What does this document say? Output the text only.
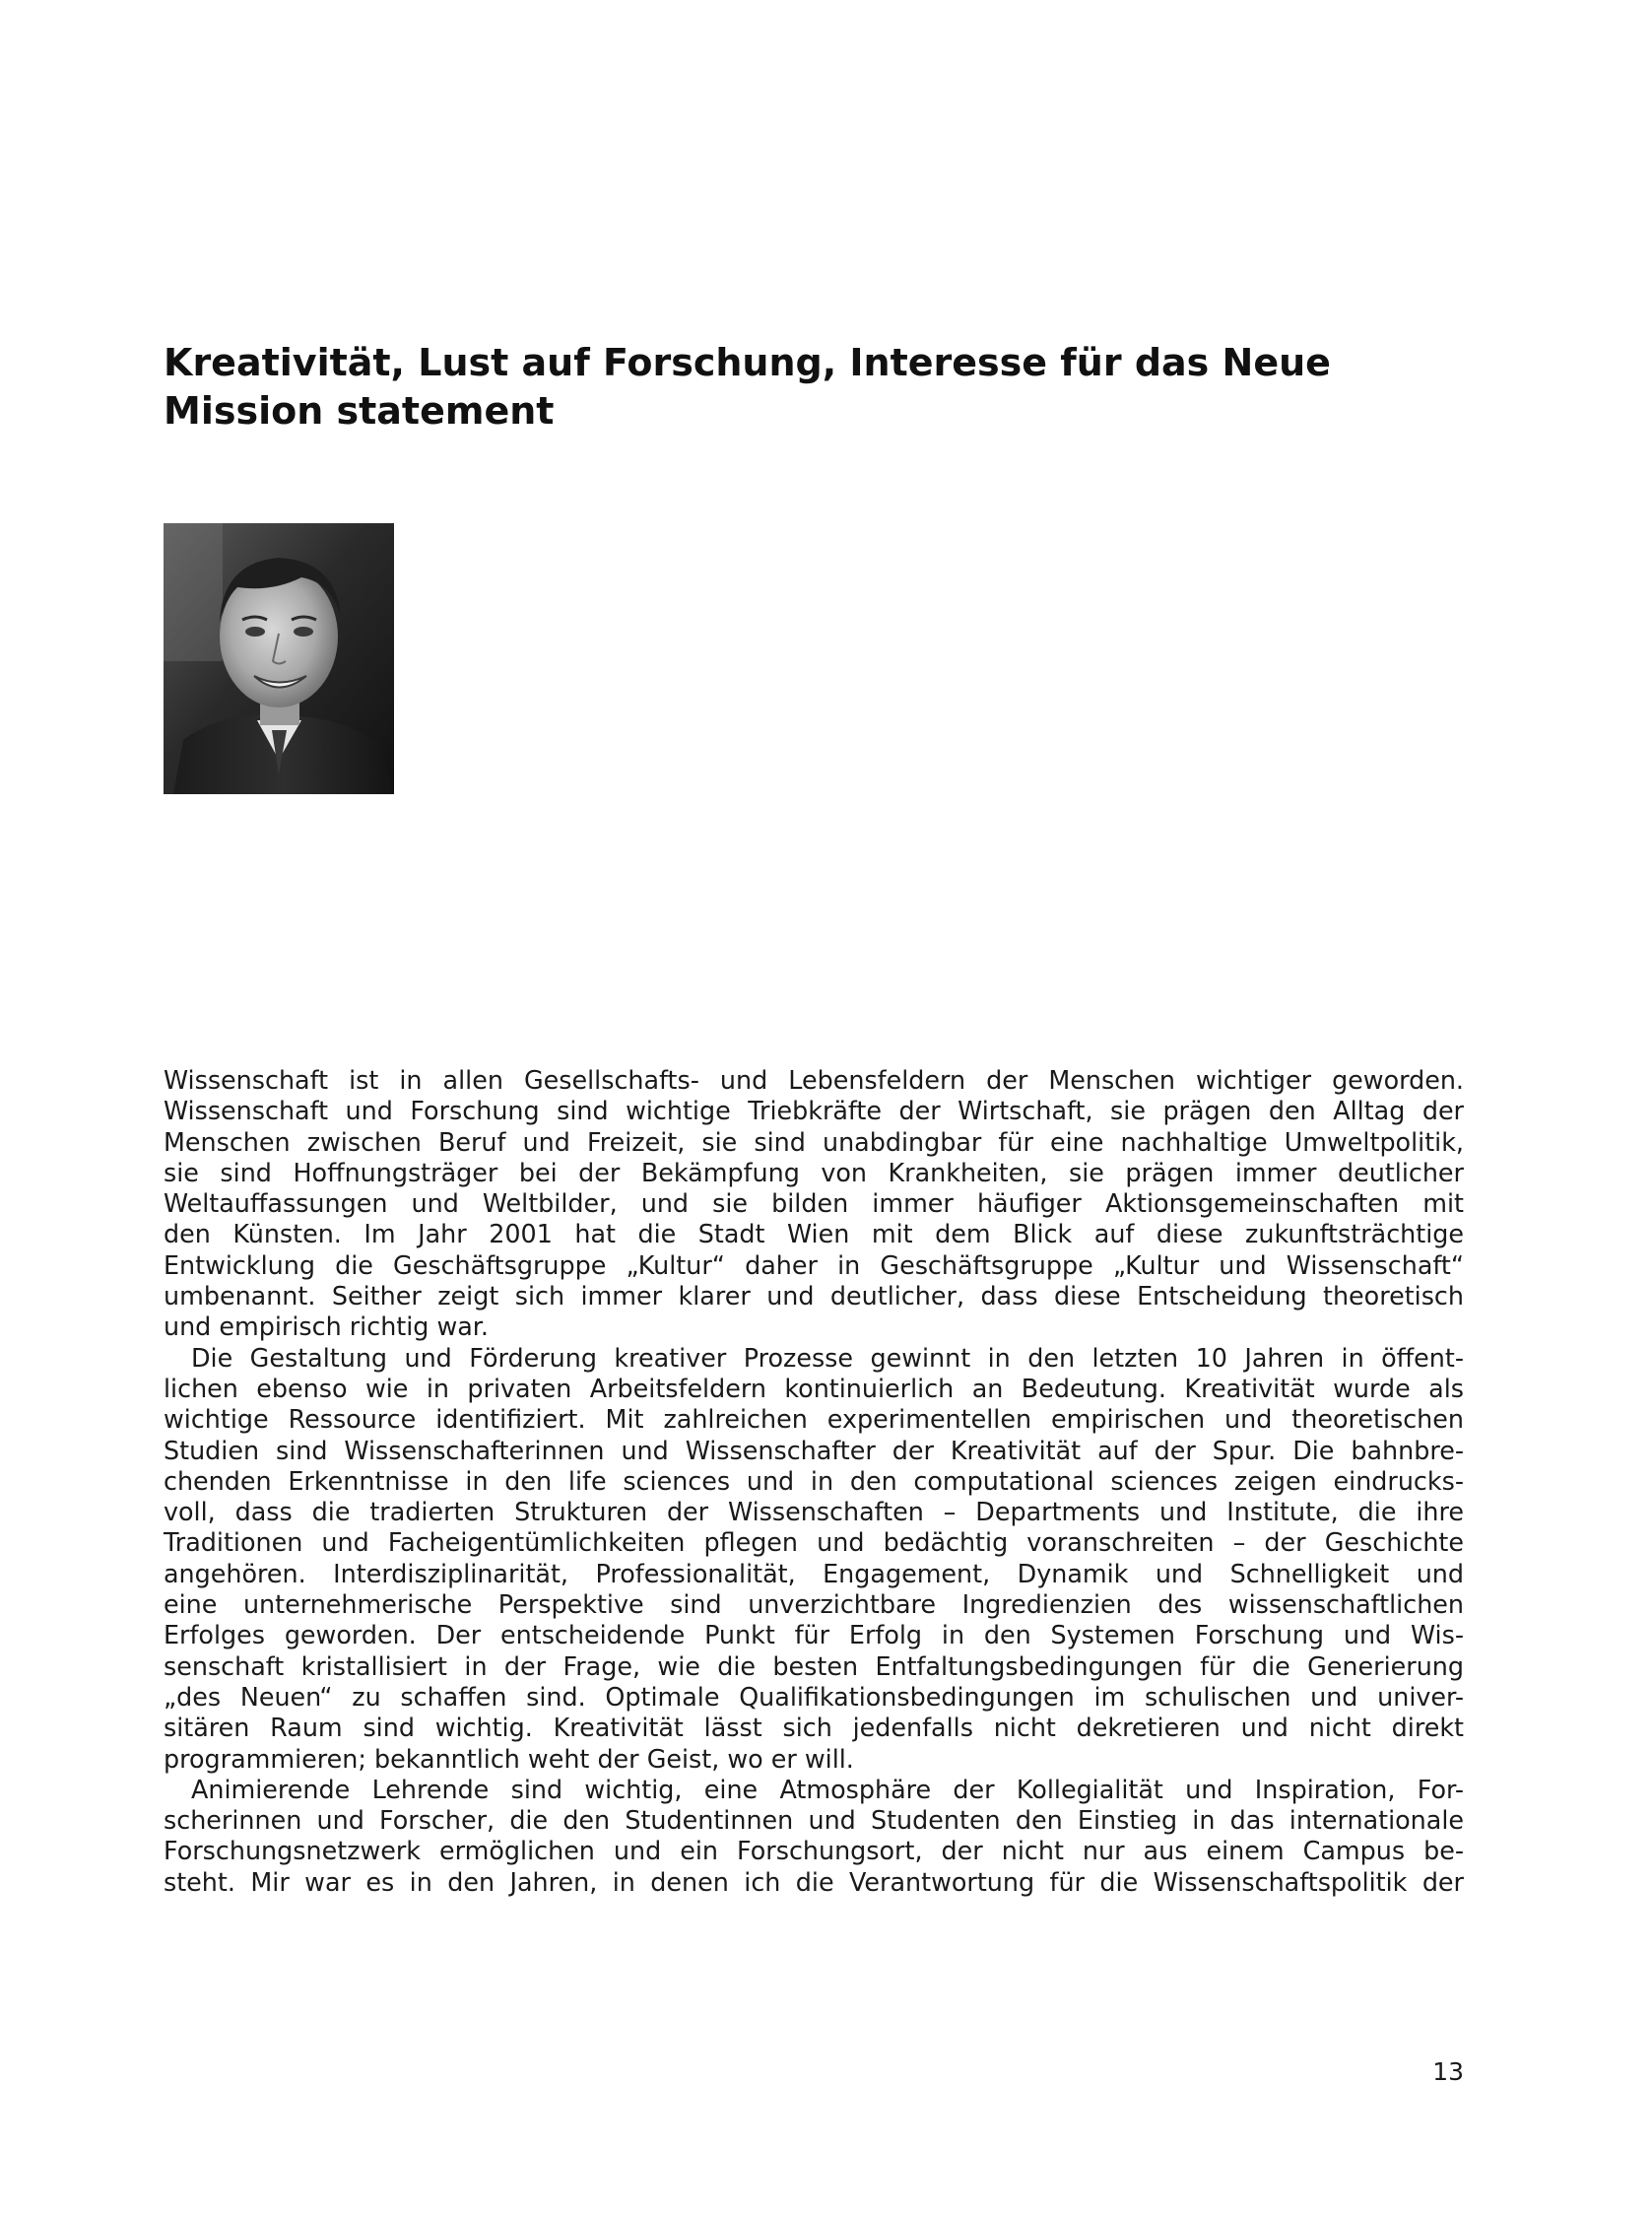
Kreativität, Lust auf Forschung, Interesse für das Neue
Mission statement

Wissenschaft ist in allen Gesellschafts- und Lebensfeldern der Menschen wichtiger geworden.
Wissenschaft und Forschung sind wichtige Triebkräfte der Wirtschaft, sie prägen den Alltag der
Menschen zwischen Beruf und Freizeit, sie sind unabdingbar für eine nachhaltige Umweltpolitik,
sie sind Hoffnungsträger bei der Bekämpfung von Krankheiten, sie prägen immer deutlicher
Weltauffassungen und Weltbilder, und sie bilden immer häufiger Aktionsgemeinschaften mit
den Künsten. Im Jahr 2001 hat die Stadt Wien mit dem Blick auf diese zukunftsträchtige
Entwicklung die Geschäftsgruppe „Kultur“ daher in Geschäftsgruppe „Kultur und Wissenschaft“
umbenannt. Seither zeigt sich immer klarer und deutlicher, dass diese Entscheidung theoretisch
und empirisch richtig war.

Die Gestaltung und Förderung kreativer Prozesse gewinnt in den letzten 10 Jahren in öffent-
lichen ebenso wie in privaten Arbeitsfeldern kontinuierlich an Bedeutung. Kreativität wurde als
wichtige Ressource identifiziert. Mit zahlreichen experimentellen empirischen und theoretischen
Studien sind Wissenschafterinnen und Wissenschafter der Kreativität auf der Spur. Die bahnbre-
chenden Erkenntnisse in den life sciences und in den computational sciences zeigen eindrucks-
voll, dass die tradierten Strukturen der Wissenschaften – Departments und Institute, die ihre
Traditionen und Facheigentümlichkeiten pflegen und bedächtig voranschreiten – der Geschichte
angehören. Interdisziplinarität, Professionalität, Engagement, Dynamik und Schnelligkeit und
eine unternehmerische Perspektive sind unverzichtbare Ingredienzien des wissenschaftlichen
Erfolges geworden. Der entscheidende Punkt für Erfolg in den Systemen Forschung und Wis-
senschaft kristallisiert in der Frage, wie die besten Entfaltungsbedingungen für die Generierung
„des Neuen“ zu schaffen sind. Optimale Qualifikationsbedingungen im schulischen und univer-
sitären Raum sind wichtig. Kreativität lässt sich jedenfalls nicht dekretieren und nicht direkt
programmieren; bekanntlich weht der Geist, wo er will.

Animierende Lehrende sind wichtig, eine Atmosphäre der Kollegialität und Inspiration, For-
scherinnen und Forscher, die den Studentinnen und Studenten den Einstieg in das internationale
Forschungsnetzwerk ermöglichen und ein Forschungsort, der nicht nur aus einem Campus be-
steht. Mir war es in den Jahren, in denen ich die Verantwortung für die Wissenschaftspolitik der

13
